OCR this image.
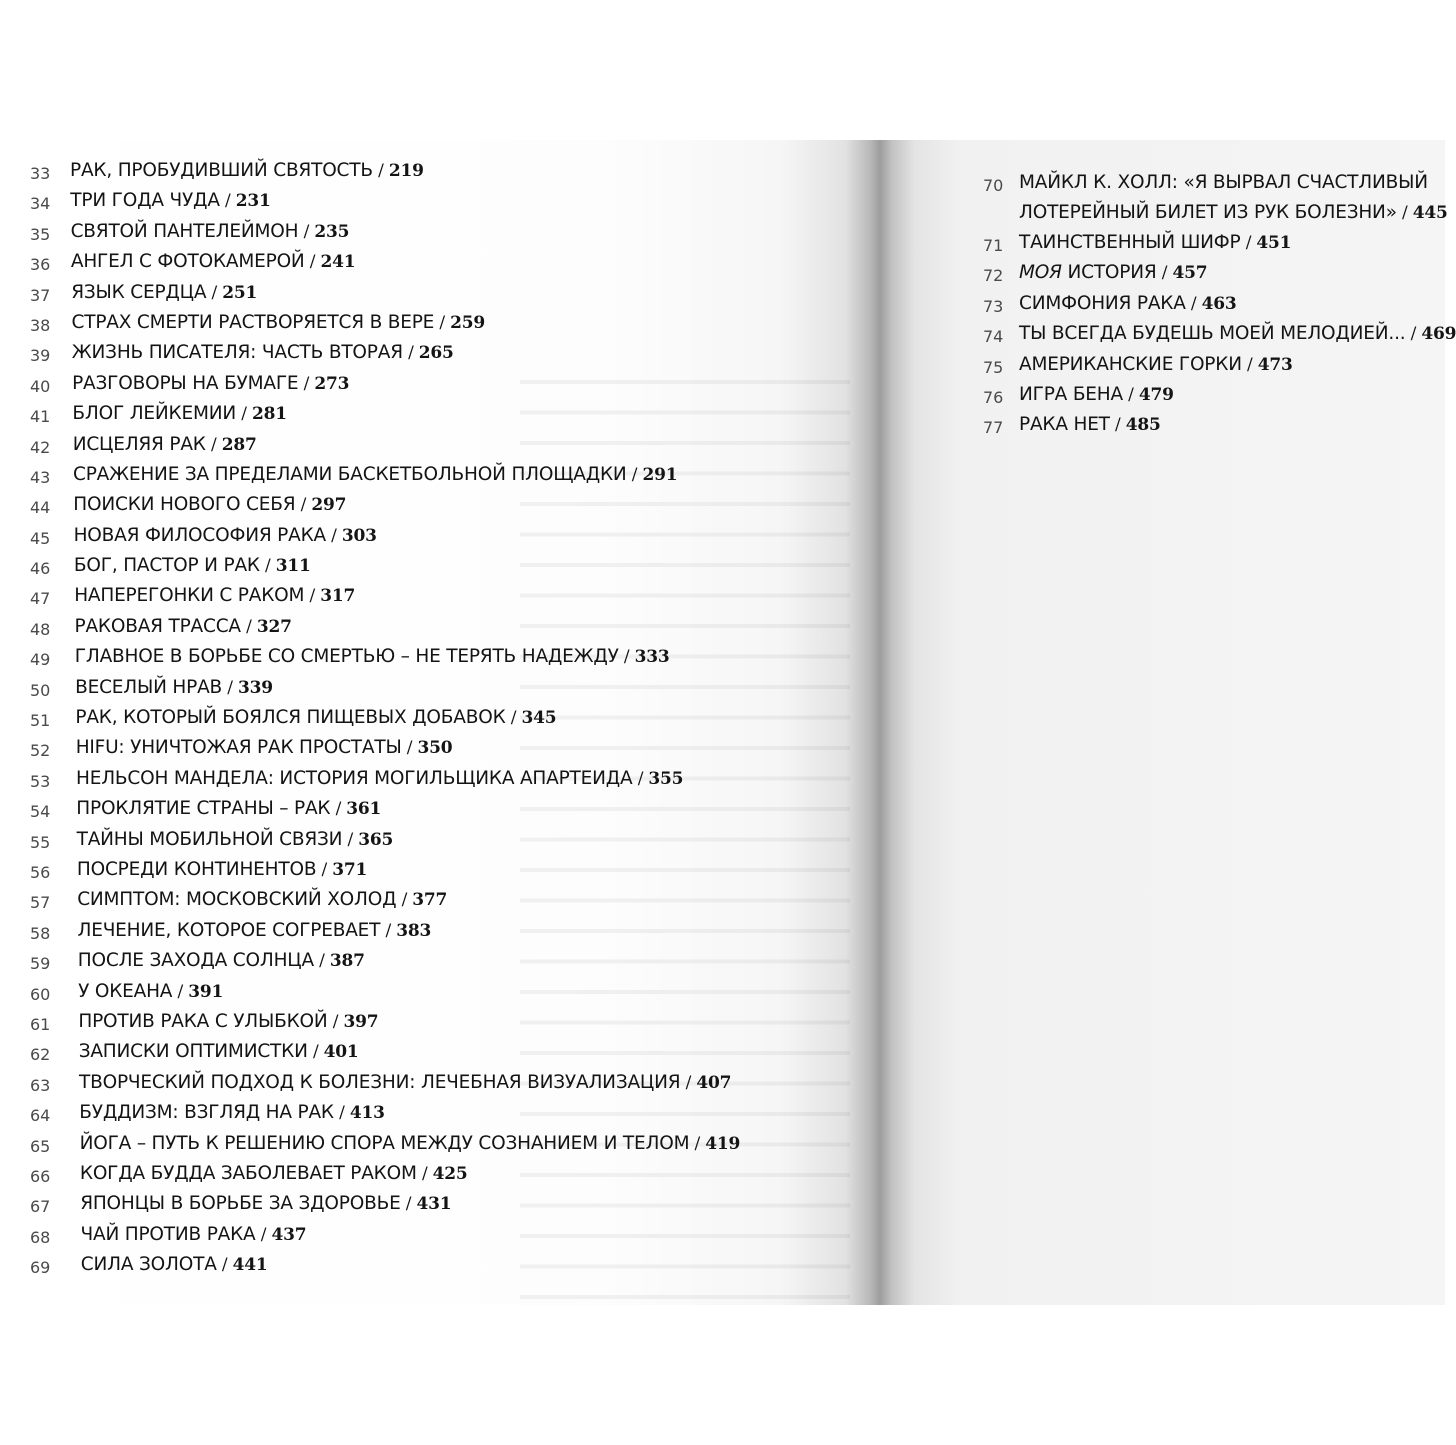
33 РАК, ПРОБУДИВШИЙ СВЯТОСТЬ / 219
34 ТРИ ГОДА ЧУДА / 231
35 СВЯТОЙ ПАНТЕЛЕЙМОН / 235
36 АНГЕЛ С ФОТОКАМЕРОЙ / 241
37 ЯЗЫК СЕРДЦА / 251
38 СТРАХ СМЕРТИ РАСТВОРЯЕТСЯ В ВЕРЕ / 259
39 ЖИЗНЬ ПИСАТЕЛЯ: ЧАСТЬ ВТОРАЯ / 265
40 РАЗГОВОРЫ НА БУМАГЕ / 273
41 БЛОГ ЛЕЙКЕМИИ / 281
42 ИСЦЕЛЯЯ РАК / 287
43 СРАЖЕНИЕ ЗА ПРЕДЕЛАМИ БАСКЕТБОЛЬНОЙ ПЛОЩАДКИ / 291
44 ПОИСКИ НОВОГО СЕБЯ / 297
45 НОВАЯ ФИЛОСОФИЯ РАКА / 303
46 БОГ, ПАСТОР И РАК / 311
47 НАПЕРЕГОНКИ С РАКОМ / 317
48 РАКОВАЯ ТРАССА / 327
49 ГЛАВНОЕ В БОРЬБЕ СО СМЕРТЬЮ – НЕ ТЕРЯТЬ НАДЕЖДУ / 333
50 ВЕСЕЛЫЙ НРАВ / 339
51 РАК, КОТОРЫЙ БОЯЛСЯ ПИЩЕВЫХ ДОБАВОК / 345
52 HIFU: УНИЧТОЖАЯ РАК ПРОСТАТЫ / 350
53 НЕЛЬСОН МАНДЕЛА: ИСТОРИЯ МОГИЛЬЩИКА АПАРТЕИДА / 355
54 ПРОКЛЯТИЕ СТРАНЫ – РАК / 361
55 ТАЙНЫ МОБИЛЬНОЙ СВЯЗИ / 365
56 ПОСРЕДИ КОНТИНЕНТОВ / 371
57 СИМПТОМ: МОСКОВСКИЙ ХОЛОД / 377
58 ЛЕЧЕНИЕ, КОТОРОЕ СОГРЕВАЕТ / 383
59 ПОСЛЕ ЗАХОДА СОЛНЦА / 387
60 У ОКЕАНА / 391
61 ПРОТИВ РАКА С УЛЫБКОЙ / 397
62 ЗАПИСКИ ОПТИМИСТКИ / 401
63 ТВОРЧЕСКИЙ ПОДХОД К БОЛЕЗНИ: ЛЕЧЕБНАЯ ВИЗУАЛИЗАЦИЯ / 407
64 БУДДИЗМ: ВЗГЛЯД НА РАК / 413
65 ЙОГА – ПУТЬ К РЕШЕНИЮ СПОРА МЕЖДУ СОЗНАНИЕМ И ТЕЛОМ / 419
66 КОГДА БУДДА ЗАБОЛЕВАЕТ РАКОМ / 425
67 ЯПОНЦЫ В БОРЬБЕ ЗА ЗДОРОВЬЕ / 431
68 ЧАЙ ПРОТИВ РАКА / 437
69 СИЛА ЗОЛОТА / 441
70 МАЙКЛ К. ХОЛЛ: «Я ВЫРВАЛ СЧАСТЛИВЫЙ
ЛОТЕРЕЙНЫЙ БИЛЕТ ИЗ РУК БОЛЕЗНИ» / 445
71 ТАИНСТВЕННЫЙ ШИФР / 451
72 МОЯ ИСТОРИЯ / 457
73 СИМФОНИЯ РАКА / 463
74 ТЫ ВСЕГДА БУДЕШЬ МОЕЙ МЕЛОДИЕЙ... / 469
75 АМЕРИКАНСКИЕ ГОРКИ / 473
76 ИГРА БЕНА / 479
77 РАКА НЕТ / 485
